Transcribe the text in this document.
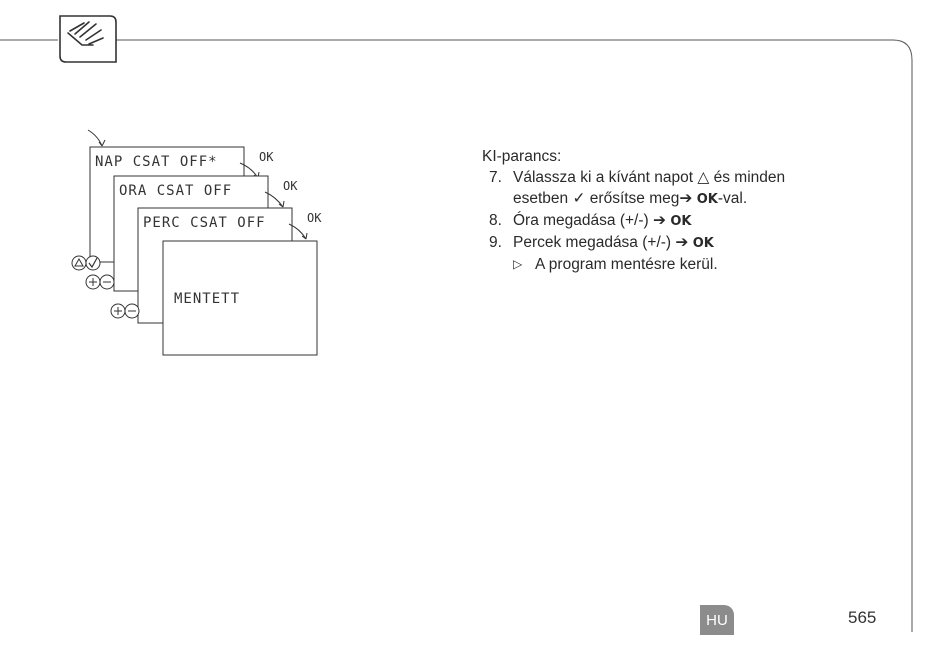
NAP CSAT OFF*	OK
ORA CSAT OFF	OK
PERC CSAT OFF	OK
MENTETT

KI-parancs:

7. Válassza ki a kívánt napot △ és minden
esetben ✓ erősítse meg➔ OK-val.
8. Óra megadása (+/-) ➔ OK
9. Percek megadása (+/-) ➔ OK
▷ A program mentésre kerül.
HU	565
